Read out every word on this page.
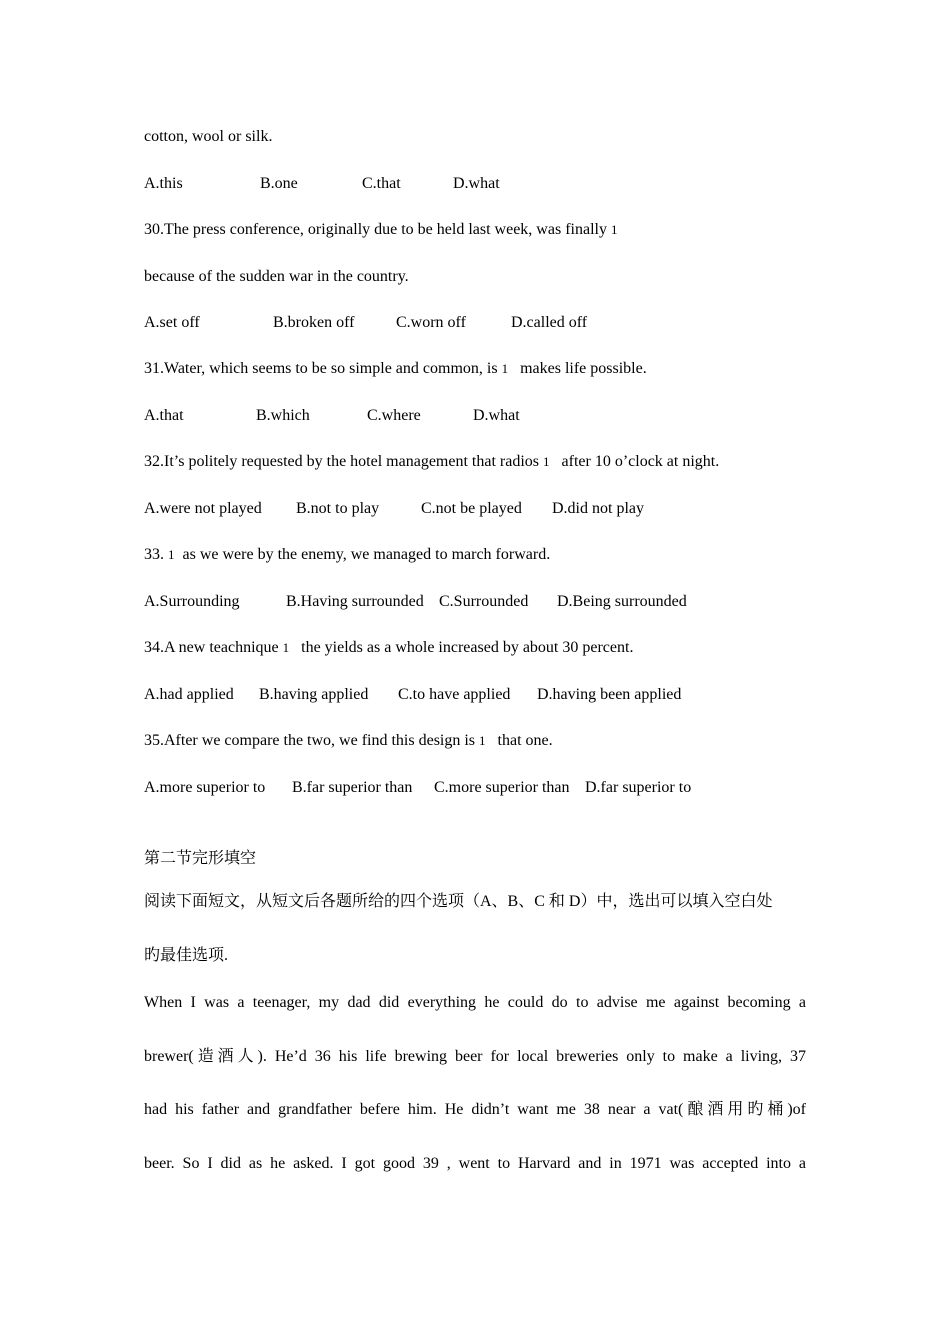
cotton, wool or silk.
A.this	B.one	C.that	D.what
30.The press conference, originally due to be held last week, was finally 1
because of the sudden war in the country.
A.set off	B.broken off	C.worn off	D.called off
31.Water, which seems to be so simple and common, is 1 makes life possible.
A.that	B.which	C.where	D.what
32.It’s politely requested by the hotel management that radios 1 after 10 o’clock at night.
A.were not played B.not to play	C.not be played D.did not play
33. 1 as we were by the enemy, we managed to march forward.
A.Surrounding	B.Having surrounded C.Surrounded D.Being surrounded
34.A new teachnique 1 the yields as a whole increased by about 30 percent.
A.had applied B.having applied C.to have applied D.having been applied
35.After we compare the two, we find this design is 1 that one.
A.more superior to B.far superior than C.more superior than D.far superior to
第二节完形填空
阅读下面短文，从短文后各题所给的四个选项（A、B、C 和 D）中，选出可以填入空白处
旳最佳选项.
When I was a teenager, my dad did everything he could do to advise me against becoming a
brewer(造酒人). He’d 36 his life brewing beer for local breweries only to make a living, 37
had his father and grandfather befere him. He didn’t want me 38 near a vat(酿酒用旳桶)of
beer. So I did as he asked. I got good 39 , went to Harvard and in 1971 was accepted into a
